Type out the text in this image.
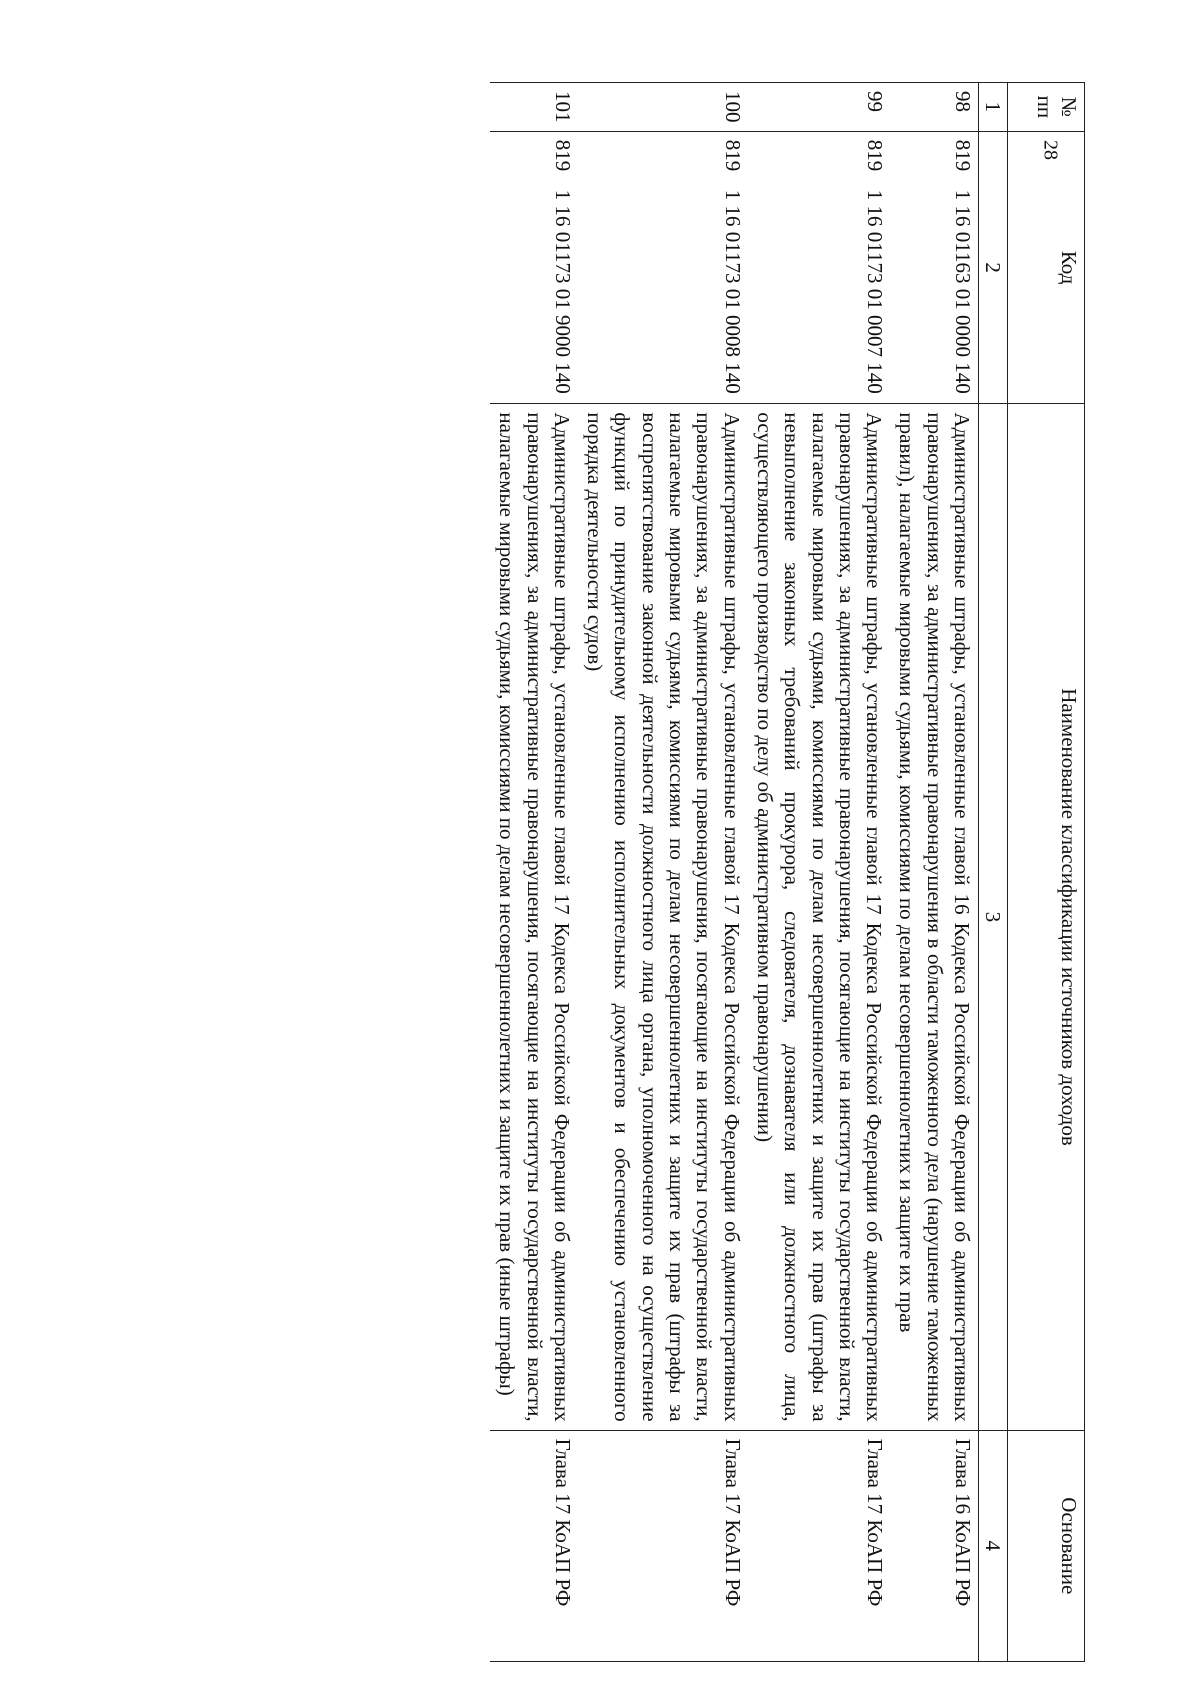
28
№ пп	Код	Наименование классификации источников доходов	Основание
1	2	3	4
98	8191 16 01163 01 0000 140	Административные штрафы, установленные главой 16 Кодекса Российской Федерации об административных правонарушениях, за административные правонарушения в области таможенного дела (нарушение таможенных правил), налагаемые мировыми судьями, комиссиями по делам несовершеннолетних и защите их прав	Глава 16 КоАП РФ
99	8191 16 01173 01 0007 140	Административные штрафы, установленные главой 17 Кодекса Российской Федерации об административных правонарушениях, за административные правонарушения, посягающие на институты государственной власти, налагаемые мировыми судьями, комиссиями по делам несовершеннолетних и защите их прав (штрафы за невыполнение законных требований прокурора, следователя, дознавателя или должностного лица, осуществляющего производство по делу об административном правонарушении)	Глава 17 КоАП РФ
100	8191 16 01173 01 0008 140	Административные штрафы, установленные главой 17 Кодекса Российской Федерации об административных правонарушениях, за административные правонарушения, посягающие на институты государственной власти, налагаемые мировыми судьями, комиссиями по делам несовершеннолетних и защите их прав (штрафы за воспрепятствование законной деятельности должностного лица органа, уполномоченного на осуществление функций по принудительному исполнению исполнительных документов и обеспечению установленного порядка деятельности судов)	Глава 17 КоАП РФ
101	8191 16 01173 01 9000 140	Административные штрафы, установленные главой 17 Кодекса Российской Федерации об административных правонарушениях, за административные правонарушения, посягающие на институты государственной власти, налагаемые мировыми судьями, комиссиями по делам несовершеннолетних и защите их прав (иные штрафы)	Глава 17 КоАП РФ
